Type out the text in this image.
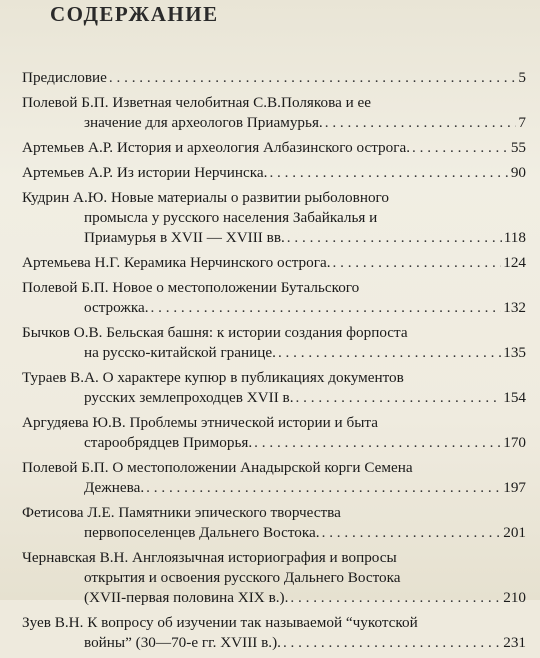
СОДЕРЖАНИЕ
Предисловие . . .	5
Полевой Б.П. Изветная челобитная С.В.Полякова и ее
значение для археологов Приамурья. . . .	7
Артемьев А.Р. История и археология Албазинского острога. . . .	55
Артемьев А.Р. Из истории Нерчинска. . . .	90
Кудрин А.Ю. Новые материалы о развитии рыболовного
промысла у русского населения Забайкалья и
Приамурья в XVII — XVIII вв. . . .	118
Артемьева Н.Г. Керамика Нерчинского острога. . . .	124
Полевой Б.П. Новое о местоположении Бутальского
острожка. . . .	132
Бычков О.В. Бельская башня: к истории создания форпоста
на русско-китайской границе. . . .	135
Тураев В.А. О характере купюр в публикациях документов
русских землепроходцев XVII в. . . .	154
Аргудяева Ю.В. Проблемы этнической истории и быта
старообрядцев Приморья. . . .	170
Полевой Б.П. О местоположении Анадырской корги Семена
Дежнева. . . .	197
Фетисова Л.Е. Памятники эпического творчества
первопоселенцев Дальнего Востока. . . .	201
Чернавская В.Н. Англоязычная историография и вопросы
открытия и освоения русского Дальнего Востока
(XVII-первая половина XIX в.). . . .	210
Зуев В.Н. К вопросу об изучении так называемой “чукотской
войны” (30—70-е гг. XVIII в.). . . .	231
